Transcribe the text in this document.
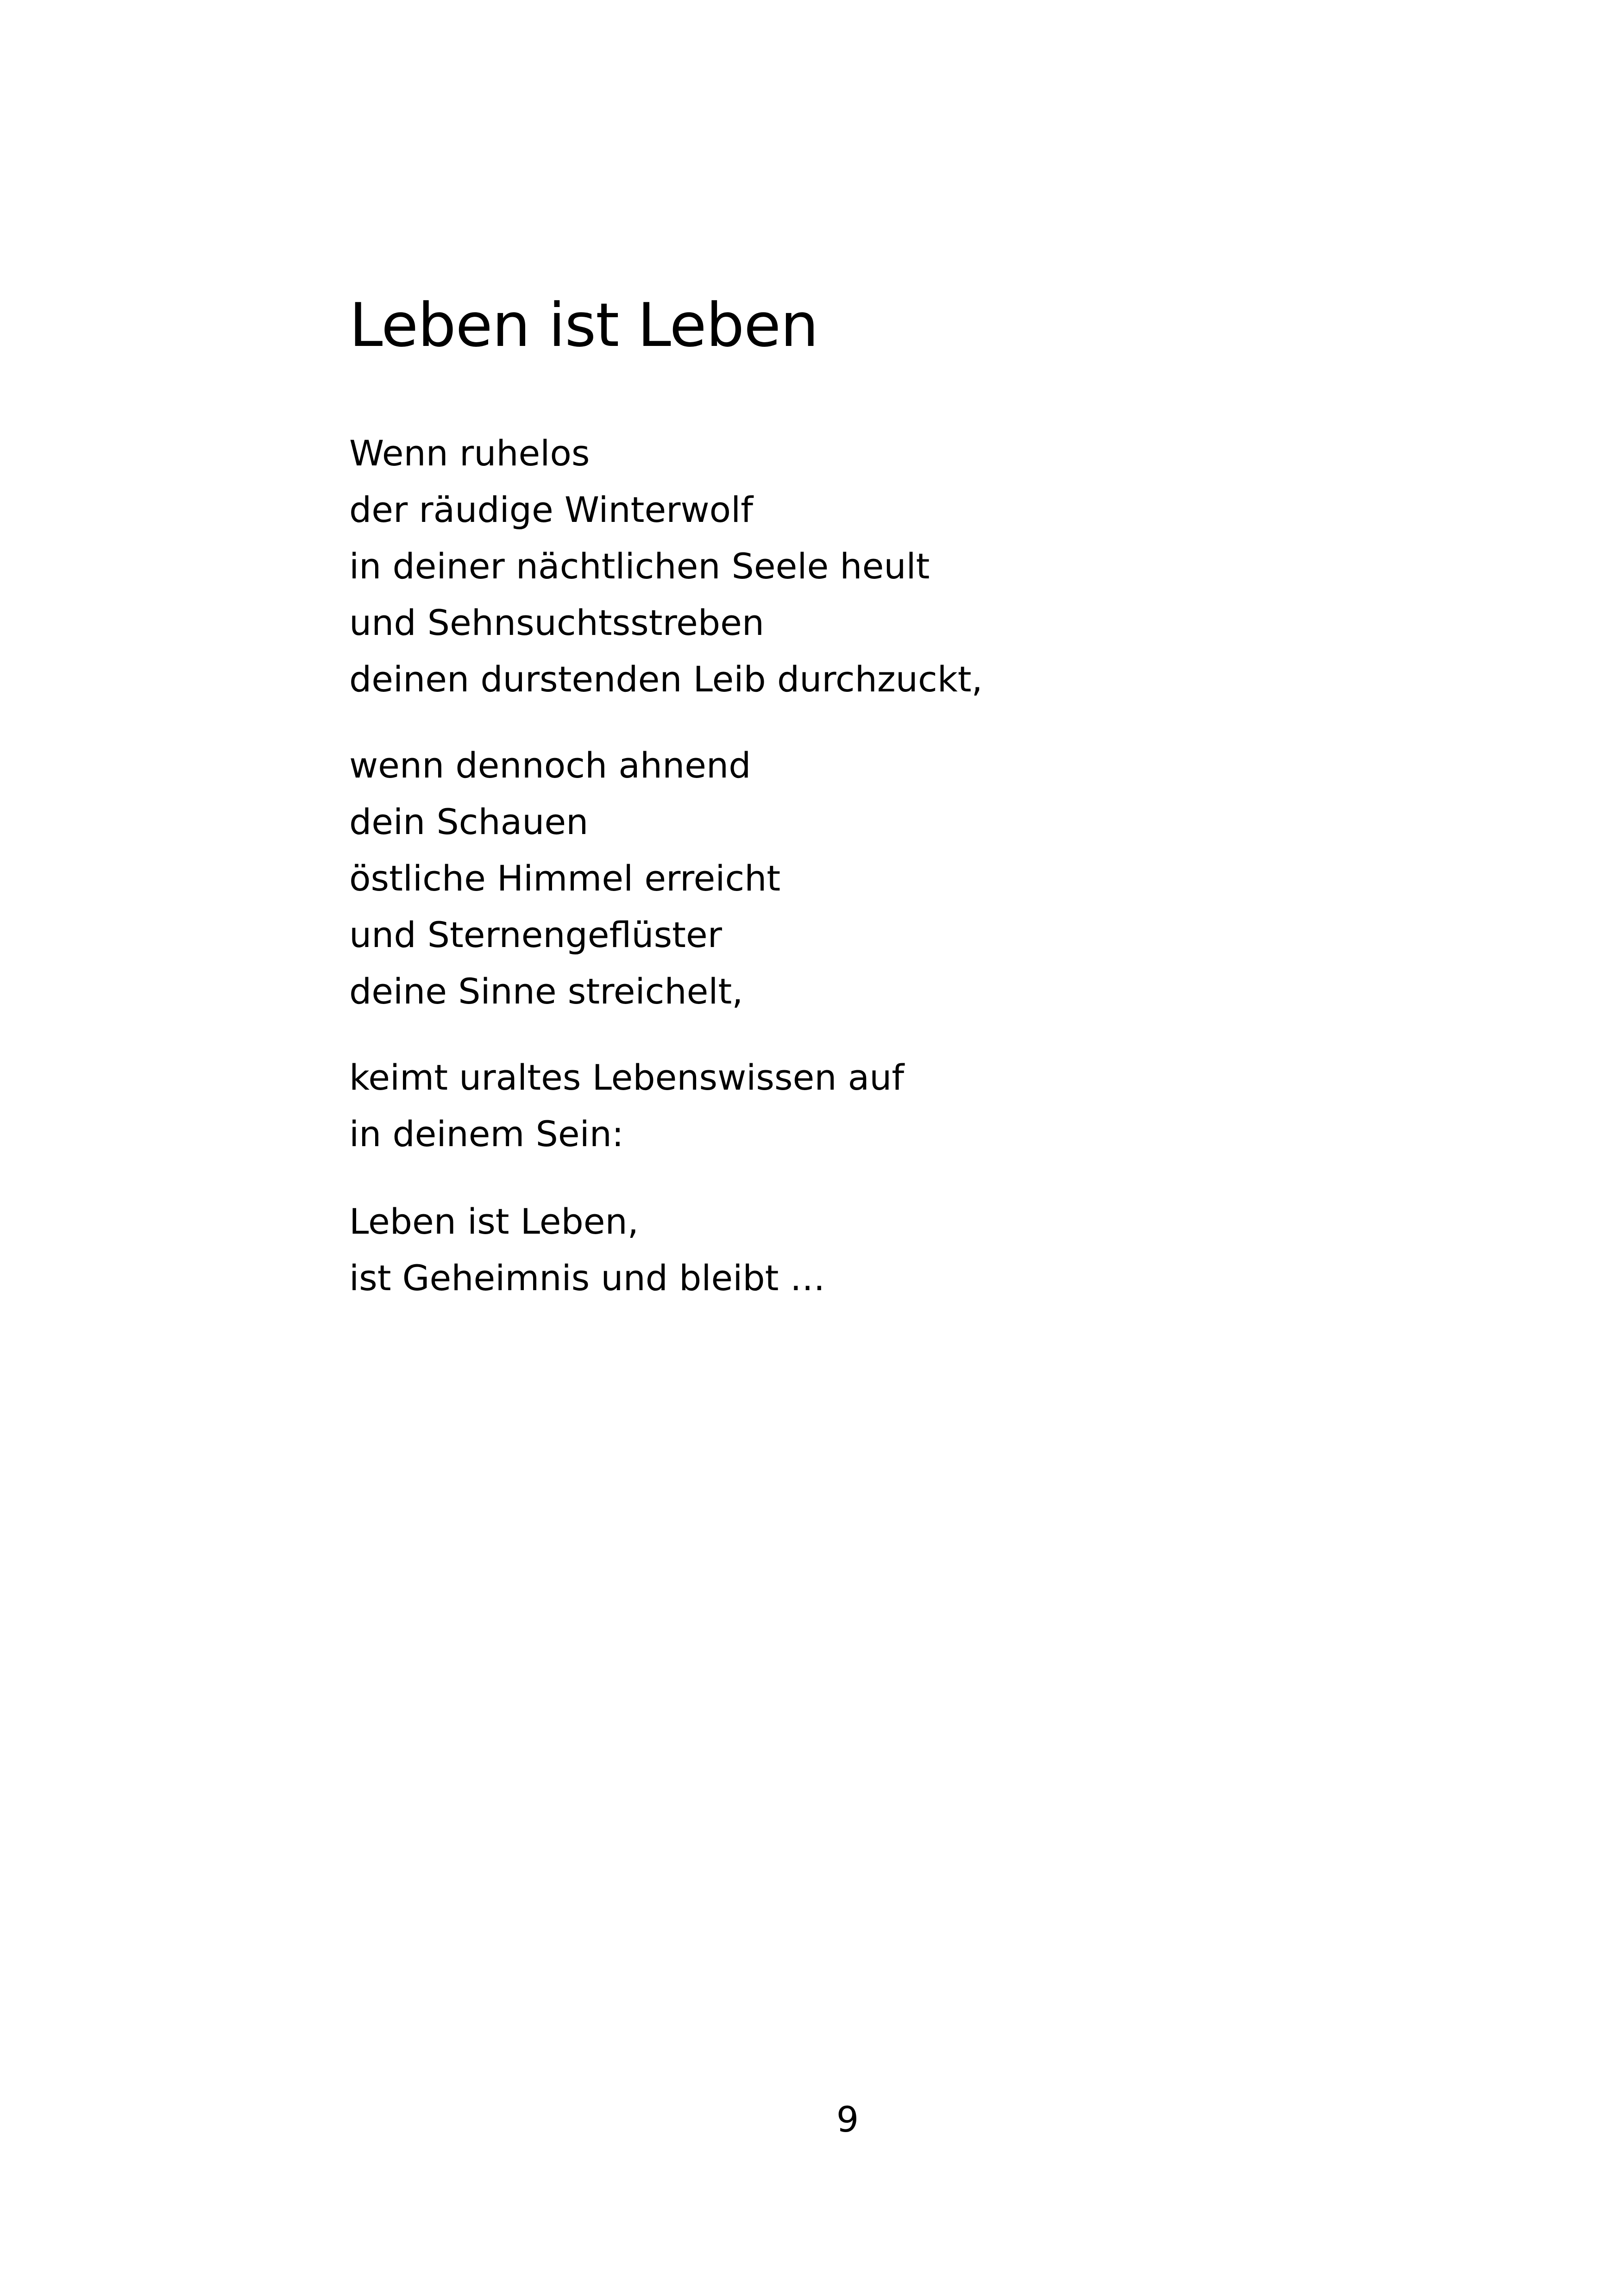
Leben ist Leben

Wenn ruhelos
der räudige Winterwolf
in deiner nächtlichen Seele heult
und Sehnsuchtsstreben
deinen durstenden Leib durchzuckt,

wenn dennoch ahnend
dein Schauen
östliche Himmel erreicht
und Sternengeflüster
deine Sinne streichelt,

keimt uraltes Lebenswissen auf
in deinem Sein:

Leben ist Leben,
ist Geheimnis und bleibt …

9
